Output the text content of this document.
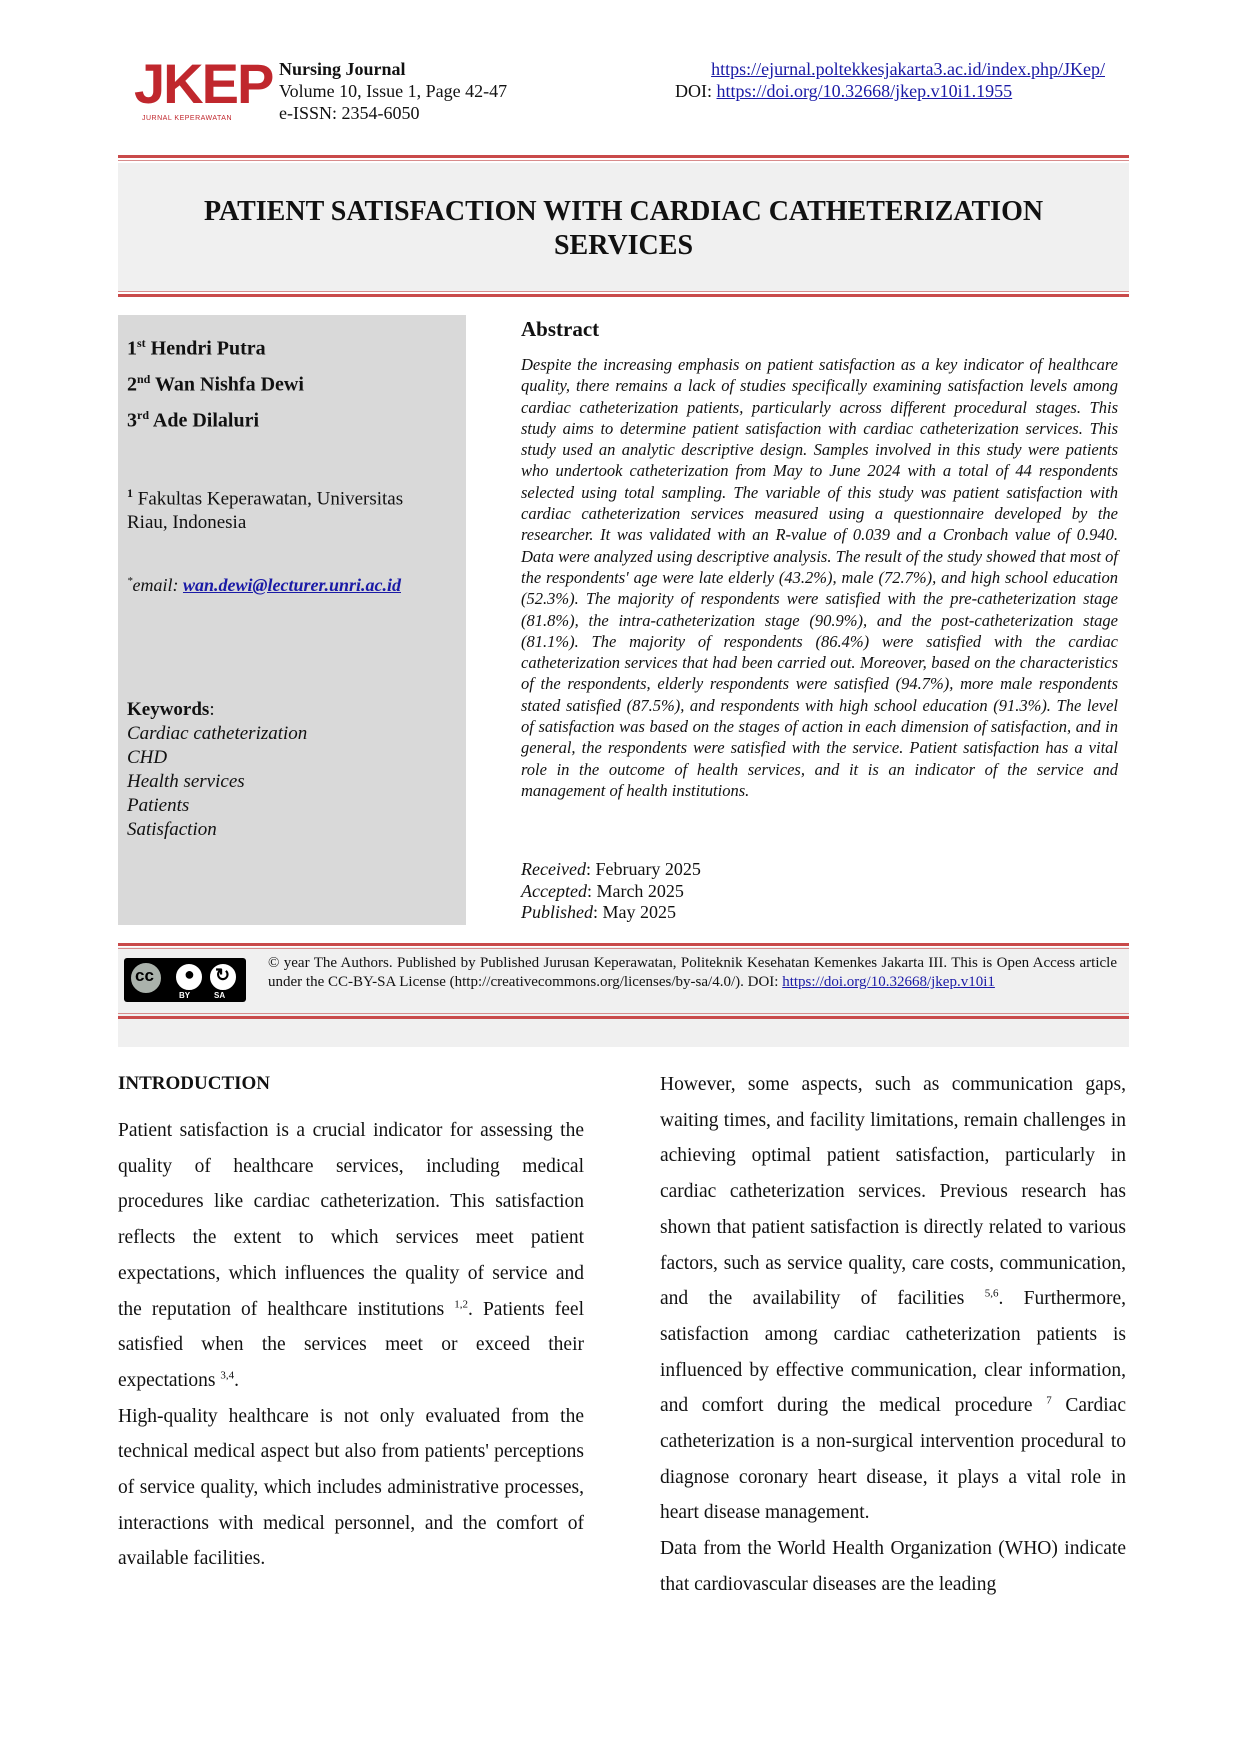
JKEP
JURNAL KEPERAWATAN
Nursing Journal
Volume 10, Issue 1, Page 42-47
e-ISSN: 2354-6050
https://ejurnal.poltekkesjakarta3.ac.id/index.php/JKep/
DOI: https://doi.org/10.32668/jkep.v10i1.1955
PATIENT SATISFACTION WITH CARDIAC CATHETERIZATION
SERVICES
1st Hendri Putra
2nd Wan Nishfa Dewi
3rd Ade Dilaluri
$^1$ Fakultas Keperawatan, Universitas Riau, Indonesia
*email: wan.dewi@lecturer.unri.ac.id
Keywords:
Cardiac catheterization
CHD
Health services
Patients
Satisfaction
Abstract
Despite the increasing emphasis on patient satisfaction as a key indicator of healthcare quality, there remains a lack of studies specifically examining satisfaction levels among cardiac catheterization patients, particularly across different procedural stages. This study aims to determine patient satisfaction with cardiac catheterization services. This study used an analytic descriptive design. Samples involved in this study were patients who undertook catheterization from May to June 2024 with a total of 44 respondents selected using total sampling. The variable of this study was patient satisfaction with cardiac catheterization services measured using a questionnaire developed by the researcher. It was validated with an R-value of 0.039 and a Cronbach value of 0.940. Data were analyzed using descriptive analysis. The result of the study showed that most of the respondents' age were late elderly (43.2%), male (72.7%), and high school education (52.3%). The majority of respondents were satisfied with the pre-catheterization stage (81.8%), the intra-catheterization stage (90.9%), and the post-catheterization stage (81.1%). The majority of respondents (86.4%) were satisfied with the cardiac catheterization services that had been carried out. Moreover, based on the characteristics of the respondents, elderly respondents were satisfied (94.7%), more male respondents stated satisfied (87.5%), and respondents with high school education (91.3%). The level of satisfaction was based on the stages of action in each dimension of satisfaction, and in general, the respondents were satisfied with the service. Patient satisfaction has a vital role in the outcome of health services, and it is an indicator of the service and management of health institutions.
Received: February 2025
Accepted: March 2025
Published: May 2025
cc ● ↻
BY	SA
© year The Authors. Published by Published Jurusan Keperawatan, Politeknik Kesehatan Kemenkes Jakarta III. This is Open Access article under the CC-BY-SA License (http://creativecommons.org/licenses/by-sa/4.0/). DOI: https://doi.org/10.32668/jkep.v10i1
INTRODUCTION

Patient satisfaction is a crucial indicator for assessing the quality of healthcare services, including medical procedures like cardiac catheterization. This satisfaction reflects the extent to which services meet patient expectations, which influences the quality of service and the reputation of healthcare institutions $^{1,2}$. Patients feel satisfied when the services meet or exceed their expectations $^{3,4}$.

High-quality healthcare is not only evaluated from the technical medical aspect but also from patients' perceptions of service quality, which includes administrative processes, interactions with medical personnel, and the comfort of available facilities.

However, some aspects, such as communication gaps, waiting times, and facility limitations, remain challenges in achieving optimal patient satisfaction, particularly in cardiac catheterization services. Previous research has shown that patient satisfaction is directly related to various factors, such as service quality, care costs, communication, and the availability of facilities $^{5,6}$. Furthermore, satisfaction among cardiac catheterization patients is influenced by effective communication, clear information, and comfort during the medical procedure $^7$ Cardiac catheterization is a non-surgical intervention procedural to diagnose coronary heart disease, it plays a vital role in heart disease management.

Data from the World Health Organization (WHO) indicate that cardiovascular diseases are the leading
